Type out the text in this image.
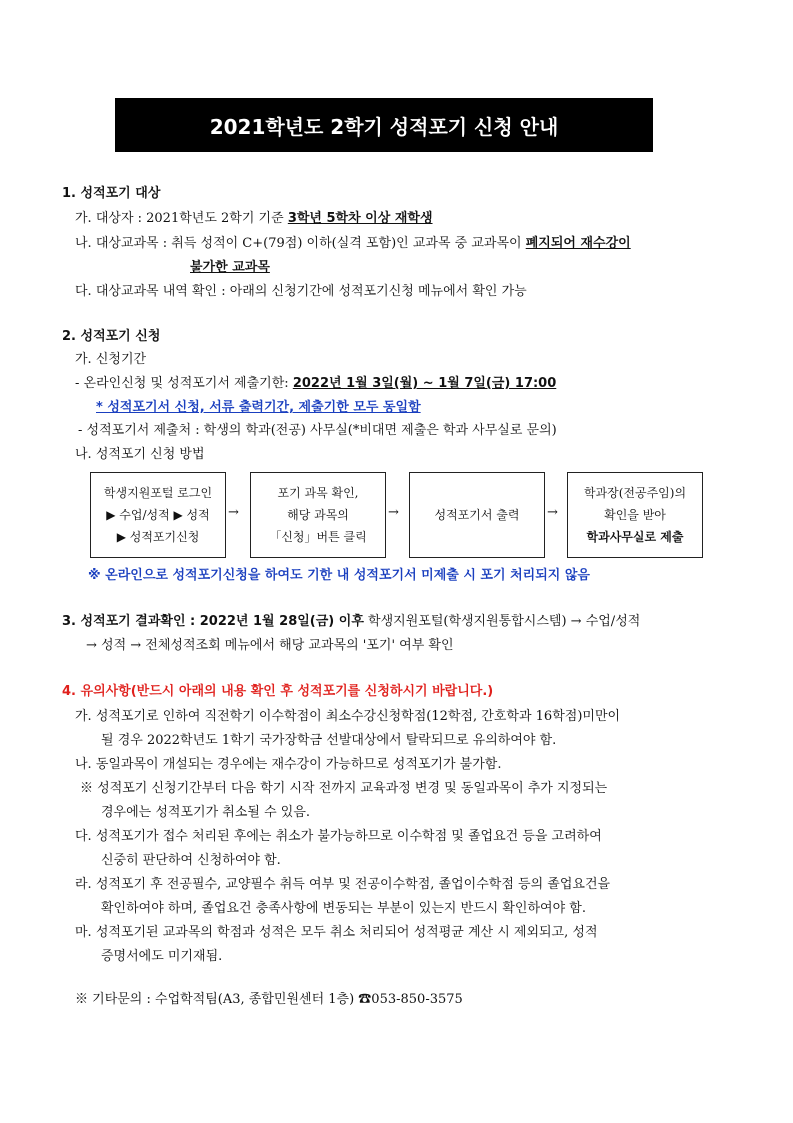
2021학년도 2학기 성적포기 신청 안내
1. 성적포기 대상
가. 대상자 : 2021학년도 2학기 기준 3학년 5학차 이상 재학생
나. 대상교과목 : 취득 성적이 C+(79점) 이하(실격 포함)인 교과목 중 교과목이 폐지되어 재수강이
불가한 교과목
다. 대상교과목 내역 확인 : 아래의 신청기간에 성적포기신청 메뉴에서 확인 가능
2. 성적포기 신청
가. 신청기간
- 온라인신청 및 성적포기서 제출기한: 2022년 1월 3일(월) ~ 1월 7일(금) 17:00
* 성적포기서 신청, 서류 출력기간, 제출기한 모두 동일함
- 성적포기서 제출처 : 학생의 학과(전공) 사무실(*비대면 제출은 학과 사무실로 문의)
나. 성적포기 신청 방법
학생지원포털 로그인
▶ 수업/성적 ▶ 성적
▶ 성적포기신청
→
포기 과목 확인,
해당 과목의
「신청」버튼 클릭
→	성적포기서 출력 →
학과장(전공주임)의
확인을 받아
학과사무실로 제출
※ 온라인으로 성적포기신청을 하여도 기한 내 성적포기서 미제출 시 포기 처리되지 않음
3. 성적포기 결과확인 : 2022년 1월 28일(금) 이후 학생지원포털(학생지원통합시스템) → 수업/성적
→ 성적 → 전체성적조회 메뉴에서 해당 교과목의 '포기' 여부 확인
4. 유의사항(반드시 아래의 내용 확인 후 성적포기를 신청하시기 바랍니다.)
가. 성적포기로 인하여 직전학기 이수학점이 최소수강신청학점(12학점, 간호학과 16학점)미만이
될 경우 2022학년도 1학기 국가장학금 선발대상에서 탈락되므로 유의하여야 함.
나. 동일과목이 개설되는 경우에는 재수강이 가능하므로 성적포기가 불가함.
※ 성적포기 신청기간부터 다음 학기 시작 전까지 교육과정 변경 및 동일과목이 추가 지정되는
경우에는 성적포기가 취소될 수 있음.
다. 성적포기가 접수 처리된 후에는 취소가 불가능하므로 이수학점 및 졸업요건 등을 고려하여
신중히 판단하여 신청하여야 함.
라. 성적포기 후 전공필수, 교양필수 취득 여부 및 전공이수학점, 졸업이수학점 등의 졸업요건을
확인하여야 하며, 졸업요건 충족사항에 변동되는 부분이 있는지 반드시 확인하여야 함.
마. 성적포기된 교과목의 학점과 성적은 모두 취소 처리되어 성적평균 계산 시 제외되고, 성적
증명서에도 미기재됨.
※ 기타문의 : 수업학적팀(A3, 종합민원센터 1층) ☎053-850-3575
